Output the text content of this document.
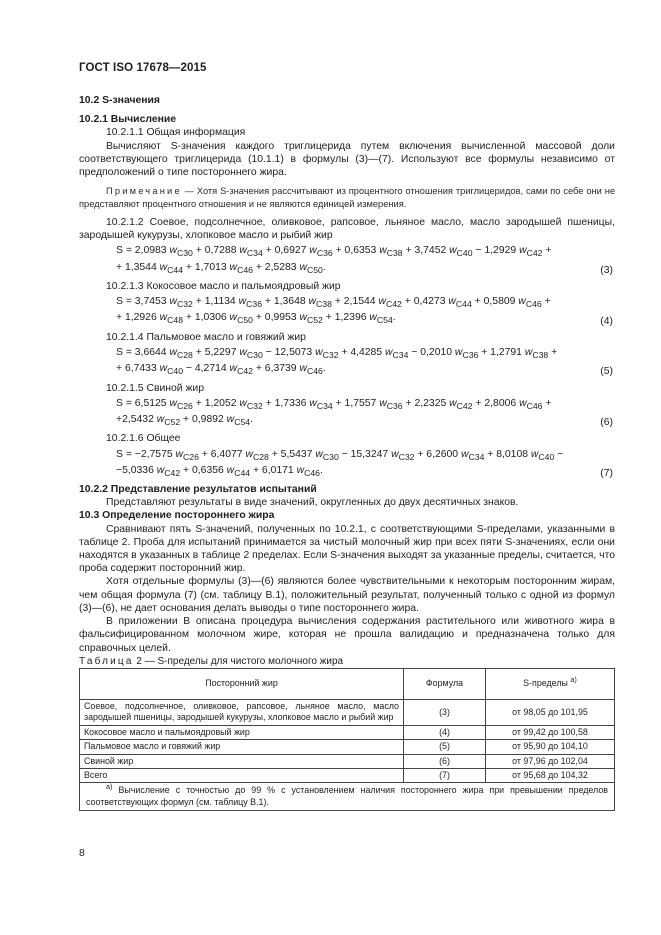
ГОСТ ISO 17678—2015

10.2 S-значения

10.2.1 Вычисление

10.2.1.1 Общая информация

Вычисляют S-значения каждого триглицерида путем включения вычисленной массовой доли соответствующего триглицерида (10.1.1) в формулы (3)—(7). Используют все формулы независимо от предположений о типе постороннего жира.

Примечание — Хотя S-значения рассчитывают из процентного отношения триглицеридов, сами по себе они не представляют процентного отношения и не являются единицей измерения.

10.2.1.2 Соевое, подсолнечное, оливковое, рапсовое, льняное масло, масло зародышей пшеницы, зародышей кукурузы, хлопковое масло и рыбий жир

S = 2,0983 $w_{C30} + 0,7288$ $w_{C34} + 0,6927$ $w_{C36} + 0,6353$ $w_{C38} + 3,7452$ $w_{C40} - 1,2929$ $w_{C42}$ +
+ 1,3544 $w_{C44} + 1,7013$ $w_{C46} + 2,5283$ $w_{C50}$.	(3)

10.2.1.3 Кокосовое масло и пальмоядровый жир

S = 3,7453 $w_{C32} + 1,1134$ $w_{C36} + 1,3648$ $w_{C38} + 2,1544$ $w_{C42} + 0,4273$ $w_{C44} + 0,5809$ $w_{C46}$ +
+ 1,2926 $w_{C48} + 1,0306$ $w_{C50} + 0,9953$ $w_{C52} + 1,2396$ $w_{C54}$.	(4)

10.2.1.4 Пальмовое масло и говяжий жир

S = 3,6644 $w_{C28} + 5,2297$ $w_{C30} - 12,5073$ $w_{C32} + 4,4285$ $w_{C34} - 0,2010$ $w_{C36} + 1,2791$ $w_{C38}$ +
+ 6,7433 $w_{C40} - 4,2714$ $w_{C42} + 6,3739$ $w_{C46}$.	(5)

10.2.1.5 Свиной жир

S = 6,5125 $w_{C26} + 1,2052$ $w_{C32} + 1,7336$ $w_{C34} + 1,7557$ $w_{C36} + 2,2325$ $w_{C42} + 2,8006$ $w_{C46}$ +
+2,5432 $w_{C52} + 0,9892$ $w_{C54}$.	(6)

10.2.1.6 Общее

S = −2,7575 $w_{C26} + 6,4077$ $w_{C28} + 5,5437$ $w_{C30} - 15,3247$ $w_{C32} + 6,2600$ $w_{C34} + 8,0108$ $w_{C40}$ −
−5,0336 $w_{C42} + 0,6356$ $w_{C44} + 6,0171$ $w_{C46}$.	(7)

10.2.2 Представление результатов испытаний

Представляют результаты в виде значений, округленных до двух десятичных знаков.

10.3 Определение постороннего жира

Сравнивают пять S-значений, полученных по 10.2.1, с соответствующими S-пределами, указанными в таблице 2. Проба для испытаний принимается за чистый молочный жир при всех пяти S-значениях, если они находятся в указанных в таблице 2 пределах. Если S-значения выходят за указанные пределы, считается, что проба содержит посторонний жир.

Хотя отдельные формулы (3)—(6) являются более чувствительными к некоторым посторонним жирам, чем общая формула (7) (см. таблицу В.1), положительный результат, полученный только с одной из формул (3)—(6), не дает основания делать выводы о типе постороннего жира.

В приложении В описана процедура вычисления содержания растительного или животного жира в фальсифицированном молочном жире, которая не прошла валидацию и предназначена только для справочных целей.

Таблица 2 — S-пределы для чистого молочного жира

Посторонний жир	Формула	S-пределы $^{a)}$
Соевое, подсолнечное, оливковое, рапсовое, льняное масло, масло зародышей пшеницы, зародышей кукурузы, хлопковое масло и рыбий жир	(3)	от 98,05 до 101,95
Кокосовое масло и пальмоядровый жир	(4)	от 99,42 до 100,58
Пальмовое масло и говяжий жир	(5)	от 95,90 до 104,10
Свиной жир	(6)	от 97,96 до 102,04
Всего	(7)	от 95,68 до 104,32
$^{a)}$ Вычисление с точностью до 99 % с установлением наличия постороннего жира при превышении пределов соответствующих формул (см. таблицу В.1).		
8
